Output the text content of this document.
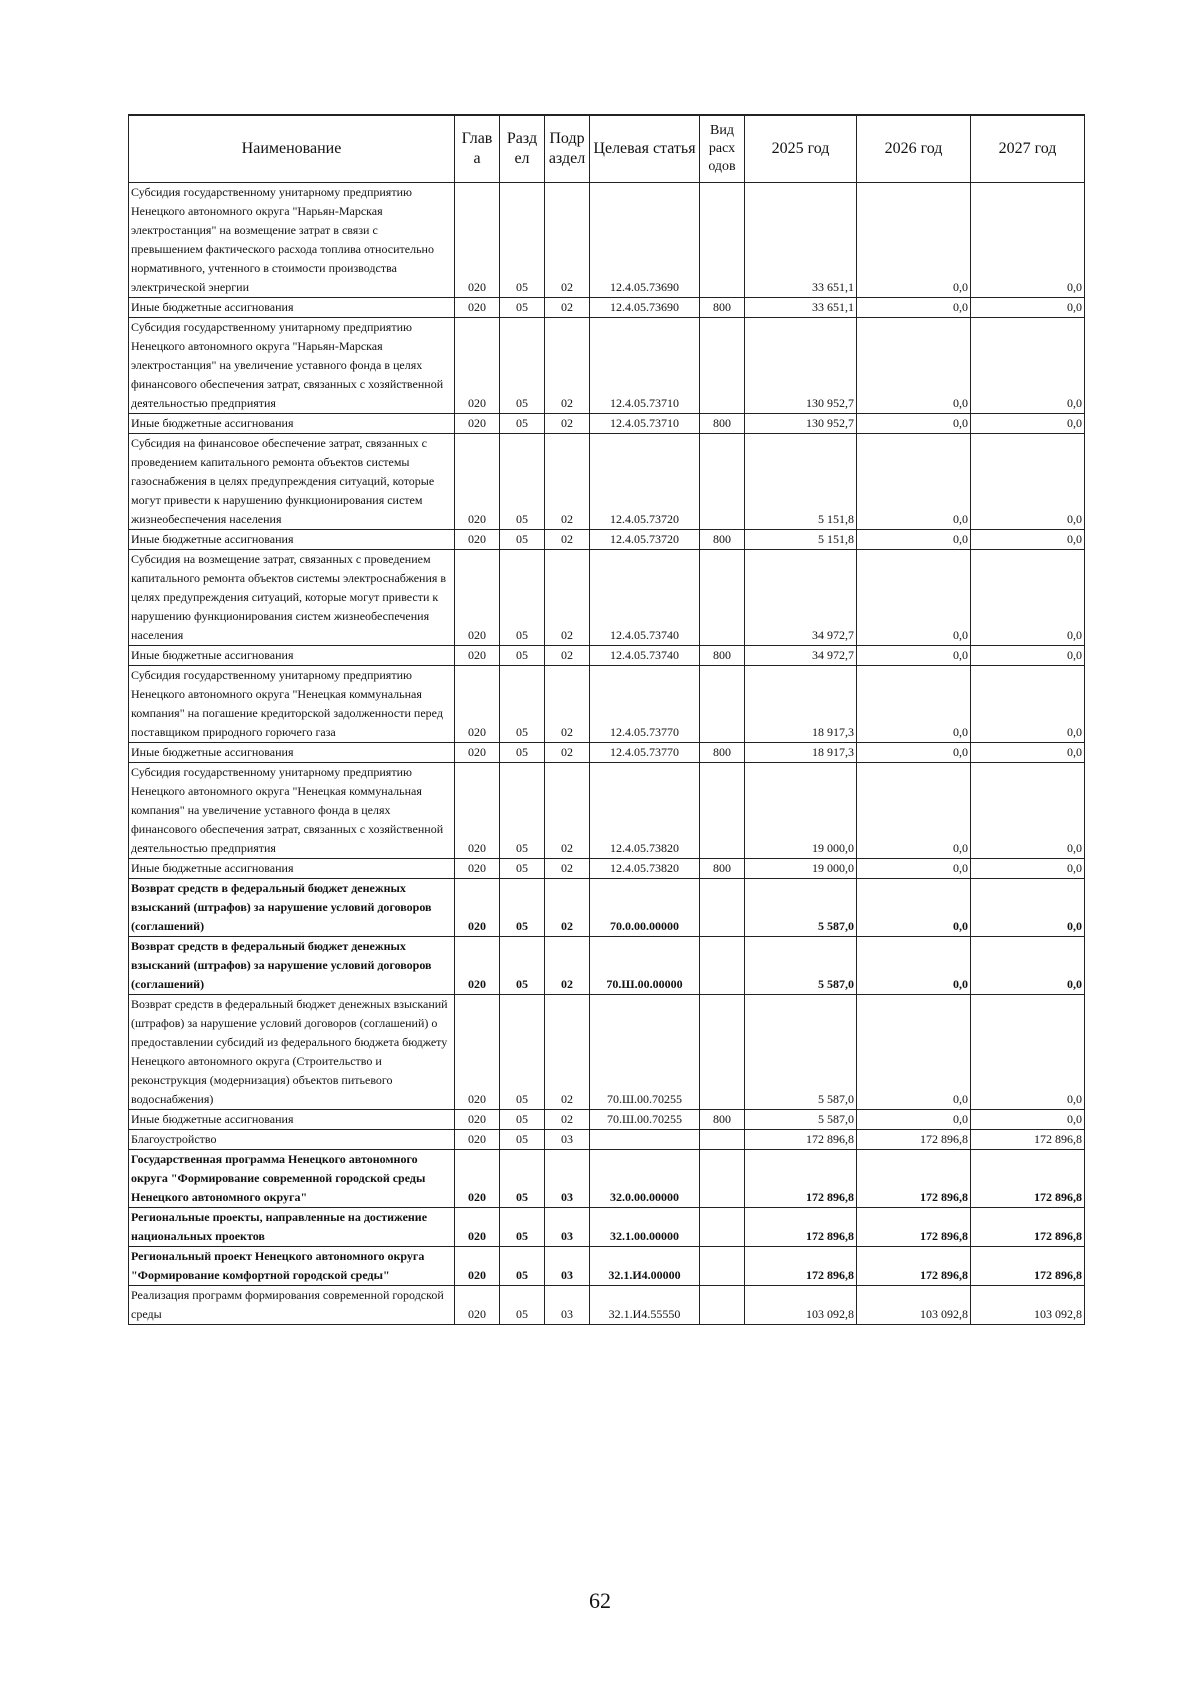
Наименование	Глав а	Разд ел	Подр аздел	Целевая статья	Вид расх одов	2025 год	2026 год	2027 год
Субсидия государственному унитарному предприятию Ненецкого автономного округа "Нарьян-Марская электростанция" на возмещение затрат в связи с превышением фактического расхода топлива относительно нормативного, учтенного в стоимости производства электрической энергии	020	05	02	12.4.05.73690		33 651,1	0,0	0,0
Иные бюджетные ассигнования	020	05	02	12.4.05.73690	800	33 651,1	0,0	0,0
Субсидия государственному унитарному предприятию Ненецкого автономного округа "Нарьян-Марская электростанция" на увеличение уставного фонда в целях финансового обеспечения затрат, связанных с хозяйственной деятельностью предприятия	020	05	02	12.4.05.73710		130 952,7	0,0	0,0
Иные бюджетные ассигнования	020	05	02	12.4.05.73710	800	130 952,7	0,0	0,0
Субсидия на финансовое обеспечение затрат, связанных с проведением капитального ремонта объектов системы газоснабжения в целях предупреждения ситуаций, которые могут привести к нарушению функционирования систем жизнеобеспечения населения	020	05	02	12.4.05.73720		5 151,8	0,0	0,0
Иные бюджетные ассигнования	020	05	02	12.4.05.73720	800	5 151,8	0,0	0,0
Субсидия на возмещение затрат, связанных с проведением капитального ремонта объектов системы электроснабжения в целях предупреждения ситуаций, которые могут привести к нарушению функционирования систем жизнеобеспечения населения	020	05	02	12.4.05.73740		34 972,7	0,0	0,0
Иные бюджетные ассигнования	020	05	02	12.4.05.73740	800	34 972,7	0,0	0,0
Субсидия государственному унитарному предприятию Ненецкого автономного округа "Ненецкая коммунальная компания" на погашение кредиторской задолженности перед поставщиком природного горючего газа	020	05	02	12.4.05.73770		18 917,3	0,0	0,0
Иные бюджетные ассигнования	020	05	02	12.4.05.73770	800	18 917,3	0,0	0,0
Субсидия государственному унитарному предприятию Ненецкого автономного округа "Ненецкая коммунальная компания" на увеличение уставного фонда в целях финансового обеспечения затрат, связанных с хозяйственной деятельностью предприятия	020	05	02	12.4.05.73820		19 000,0	0,0	0,0
Иные бюджетные ассигнования	020	05	02	12.4.05.73820	800	19 000,0	0,0	0,0
Возврат средств в федеральный бюджет денежных взысканий (штрафов) за нарушение условий договоров (соглашений)	020	05	02	70.0.00.00000		5 587,0	0,0	0,0
Возврат средств в федеральный бюджет денежных взысканий (штрафов) за нарушение условий договоров (соглашений)	020	05	02	70.Ш.00.00000		5 587,0	0,0	0,0
Возврат средств в федеральный бюджет денежных взысканий (штрафов) за нарушение условий договоров (соглашений) о предоставлении субсидий из федерального бюджета бюджету Ненецкого автономного округа (Строительство и реконструкция (модернизация) объектов питьевого водоснабжения)	020	05	02	70.Ш.00.70255		5 587,0	0,0	0,0
Иные бюджетные ассигнования	020	05	02	70.Ш.00.70255	800	5 587,0	0,0	0,0
Благоустройство	020	05	03			172 896,8	172 896,8	172 896,8
Государственная программа Ненецкого автономного округа "Формирование современной городской среды Ненецкого автономного округа"	020	05	03	32.0.00.00000		172 896,8	172 896,8	172 896,8
Региональные проекты, направленные на достижение национальных проектов	020	05	03	32.1.00.00000		172 896,8	172 896,8	172 896,8
Региональный проект Ненецкого автономного округа "Формирование комфортной городской среды"	020	05	03	32.1.И4.00000		172 896,8	172 896,8	172 896,8
Реализация программ формирования современной городской среды	020	05	03	32.1.И4.55550		103 092,8	103 092,8	103 092,8
62
